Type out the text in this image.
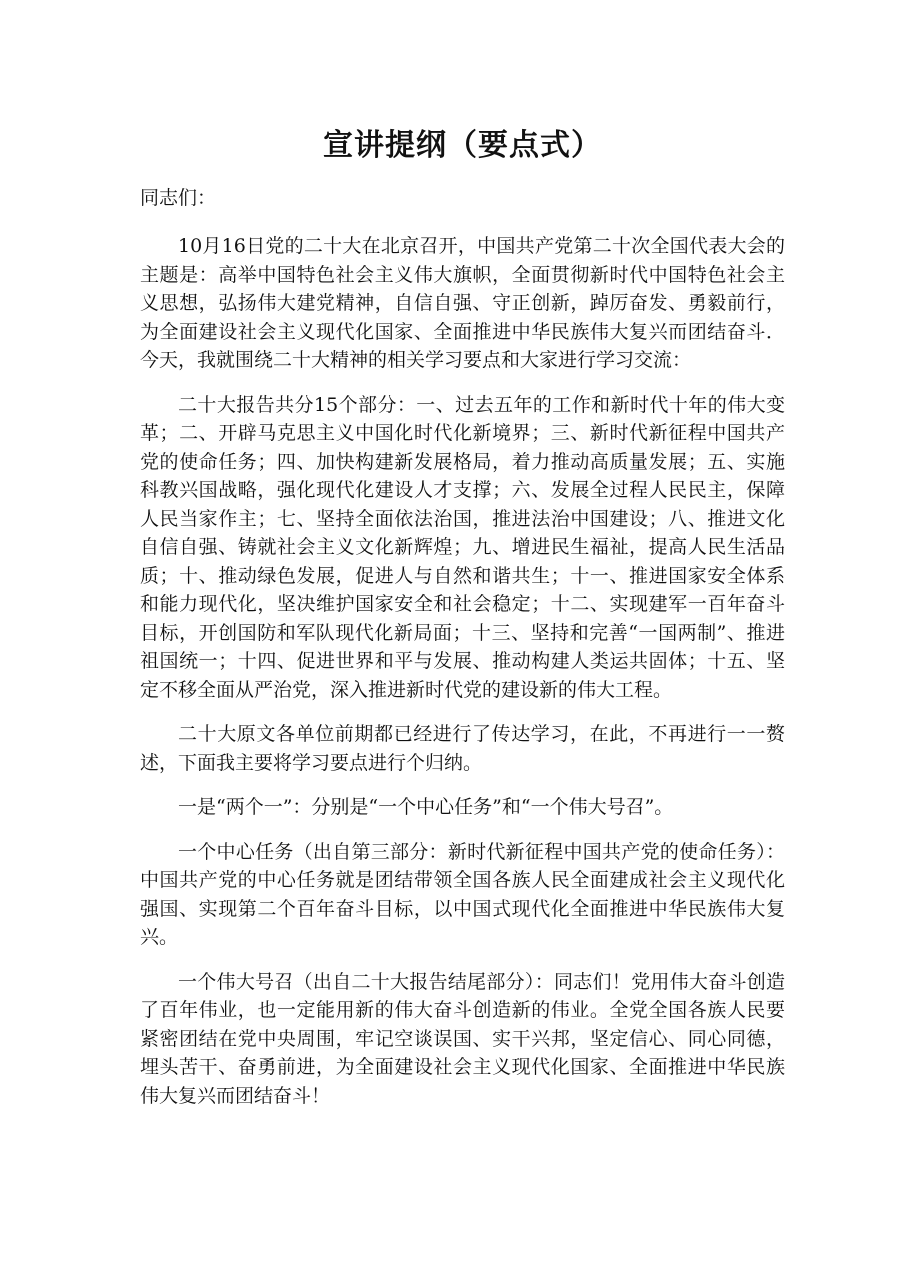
宣讲提纲（要点式）

同志们：

10月16日党的二十大在北京召开，中国共产党第二十次全国代表大会的主题是：高举中国特色社会主义伟大旗帜，全面贯彻新时代中国特色社会主义思想，弘扬伟大建党精神，自信自强、守正创新，踔厉奋发、勇毅前行，为全面建设社会主义现代化国家、全面推进中华民族伟大复兴而团结奋斗．今天，我就围绕二十大精神的相关学习要点和大家进行学习交流：

二十大报告共分15个部分：一、过去五年的工作和新时代十年的伟大变革；二、开辟马克思主义中国化时代化新境界；三、新时代新征程中国共产党的使命任务；四、加快构建新发展格局，着力推动高质量发展；五、实施科教兴国战略，强化现代化建设人才支撑；六、发展全过程人民民主，保障人民当家作主；七、坚持全面依法治国，推进法治中国建设；八、推进文化自信自强、铸就社会主义文化新辉煌；九、增进民生福祉，提高人民生活品质；十、推动绿色发展，促进人与自然和谐共生；十一、推进国家安全体系和能力现代化，坚决维护国家安全和社会稳定；十二、实现建军一百年奋斗目标，开创国防和军队现代化新局面；十三、坚持和完善“一国两制”、推进祖国统一；十四、促进世界和平与发展、推动构建人类运共固体；十五、坚定不移全面从严治党，深入推进新时代党的建设新的伟大工程。

二十大原文各单位前期都已经进行了传达学习，在此，不再进行一一赘述，下面我主要将学习要点进行个归纳。

一是“两个一”：分别是“一个中心任务”和“一个伟大号召”。

一个中心任务（出自第三部分：新时代新征程中国共产党的使命任务）：中国共产党的中心任务就是团结带领全国各族人民全面建成社会主义现代化强国、实现第二个百年奋斗目标，以中国式现代化全面推进中华民族伟大复兴。

一个伟大号召（出自二十大报告结尾部分）：同志们！党用伟大奋斗创造了百年伟业，也一定能用新的伟大奋斗创造新的伟业。全党全国各族人民要紧密团结在党中央周围，牢记空谈误国、实干兴邦，坚定信心、同心同德，埋头苦干、奋勇前进，为全面建设社会主义现代化国家、全面推进中华民族伟大复兴而团结奋斗！
